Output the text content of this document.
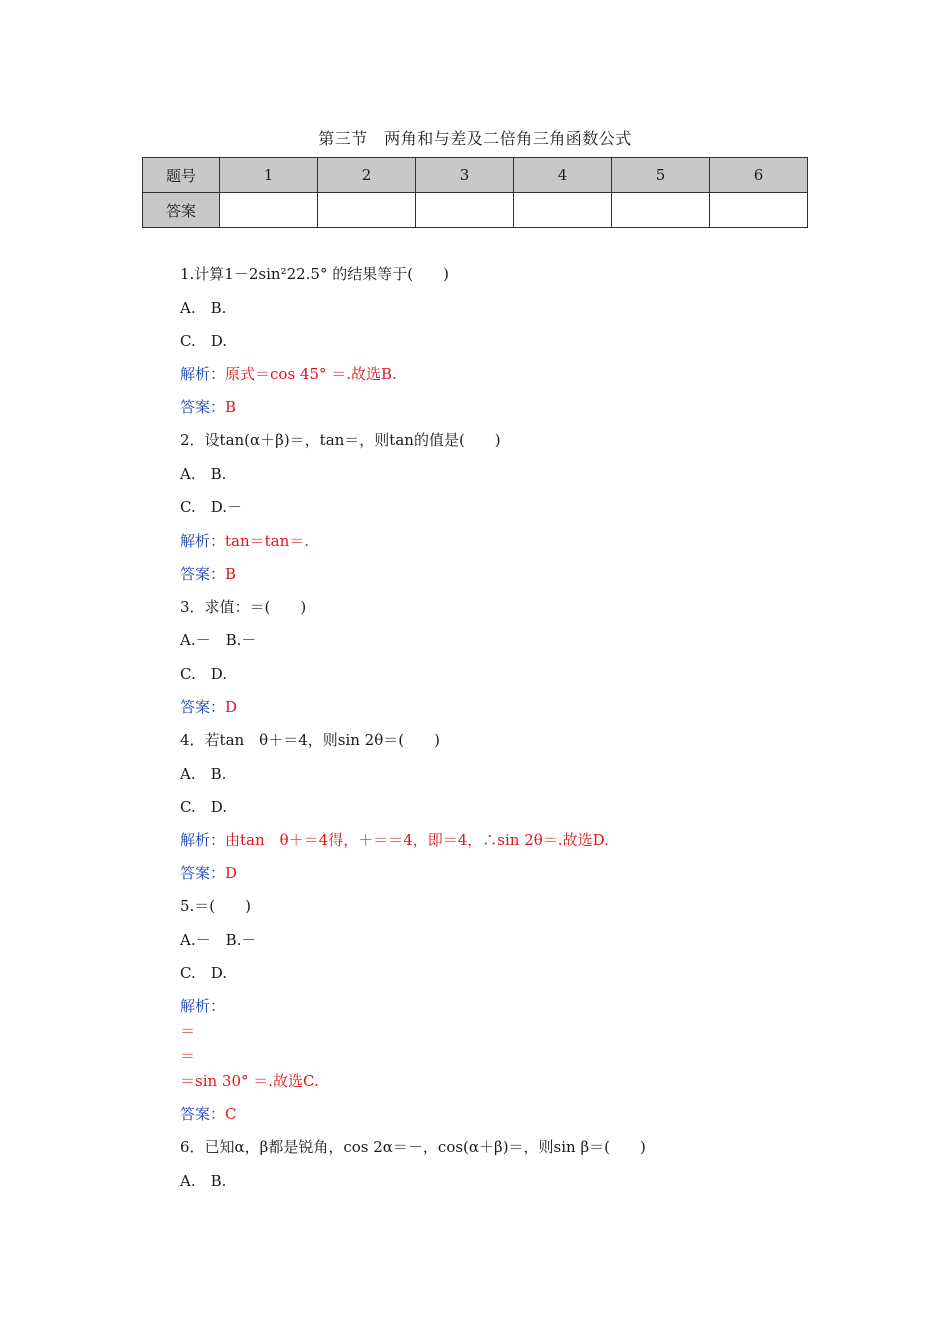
第三节　两角和与差及二倍角三角函数公式
题号	1	2	3	4	5	6
答案						
1.计算1－2sin²22.5° 的结果等于(　　)
A.　B.
C.　D.
解析：原式＝cos 45° ＝.故选B.
答案：B
2．设tan(α＋β)＝，tan＝，则tan的值是(　　)
A.　B.
C.　D.－
解析：tan＝tan＝.
答案：B
3．求值：＝(　　)
A.－　B.－
C.　D.
答案：D
4．若tan　θ＋＝4，则sin 2θ＝(　　)
A.　B.
C.　D.
解析：由tan　θ＋＝4得，＋＝＝4，即＝4，∴sin 2θ＝.故选D.
答案：D
5.＝(　　)
A.－　B.－
C.　D.
解析：
＝
＝
＝sin 30° ＝.故选C.
答案：C
6．已知α，β都是锐角，cos 2α＝－，cos(α＋β)＝，则sin β＝(　　)
A.　B.
